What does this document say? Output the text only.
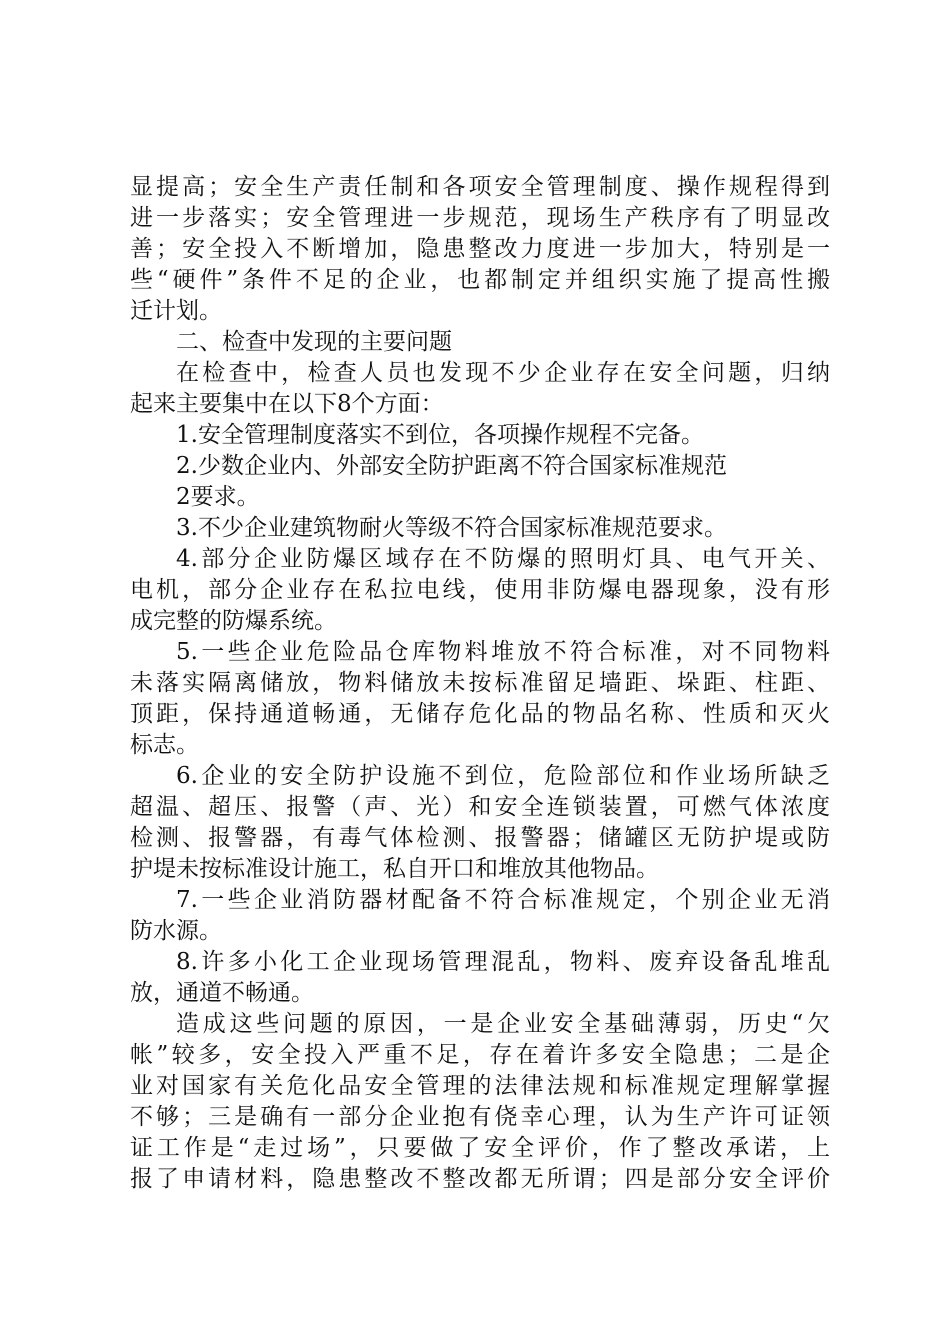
显提高；安全生产责任制和各项安全管理制度、操作规程得到
进一步落实；安全管理进一步规范，现场生产秩序有了明显改
善；安全投入不断增加，隐患整改力度进一步加大，特别是一
些“硬件”条件不足的企业，也都制定并组织实施了提高性搬
迁计划。
二、检查中发现的主要问题
在检查中，检查人员也发现不少企业存在安全问题，归纳
起来主要集中在以下8个方面：
1.安全管理制度落实不到位，各项操作规程不完备。
2.少数企业内、外部安全防护距离不符合国家标准规范
2要求。
3.不少企业建筑物耐火等级不符合国家标准规范要求。
4.部分企业防爆区域存在不防爆的照明灯具、电气开关、
电机，部分企业存在私拉电线，使用非防爆电器现象，没有形
成完整的防爆系统。
5.一些企业危险品仓库物料堆放不符合标准，对不同物料
未落实隔离储放，物料储放未按标准留足墙距、垛距、柱距、
顶距，保持通道畅通，无储存危化品的物品名称、性质和灭火
标志。
6.企业的安全防护设施不到位，危险部位和作业场所缺乏
超温、超压、报警（声、光）和安全连锁装置，可燃气体浓度
检测、报警器，有毒气体检测、报警器；储罐区无防护堤或防
护堤未按标准设计施工，私自开口和堆放其他物品。
7.一些企业消防器材配备不符合标准规定，个别企业无消
防水源。
8.许多小化工企业现场管理混乱，物料、废弃设备乱堆乱
放，通道不畅通。
造成这些问题的原因，一是企业安全基础薄弱，历史“欠
帐”较多，安全投入严重不足，存在着许多安全隐患；二是企
业对国家有关危化品安全管理的法律法规和标准规定理解掌握
不够；三是确有一部分企业抱有侥幸心理，认为生产许可证领
证工作是“走过场”，只要做了安全评价，作了整改承诺，上
报了申请材料，隐患整改不整改都无所谓；四是部分安全评价
